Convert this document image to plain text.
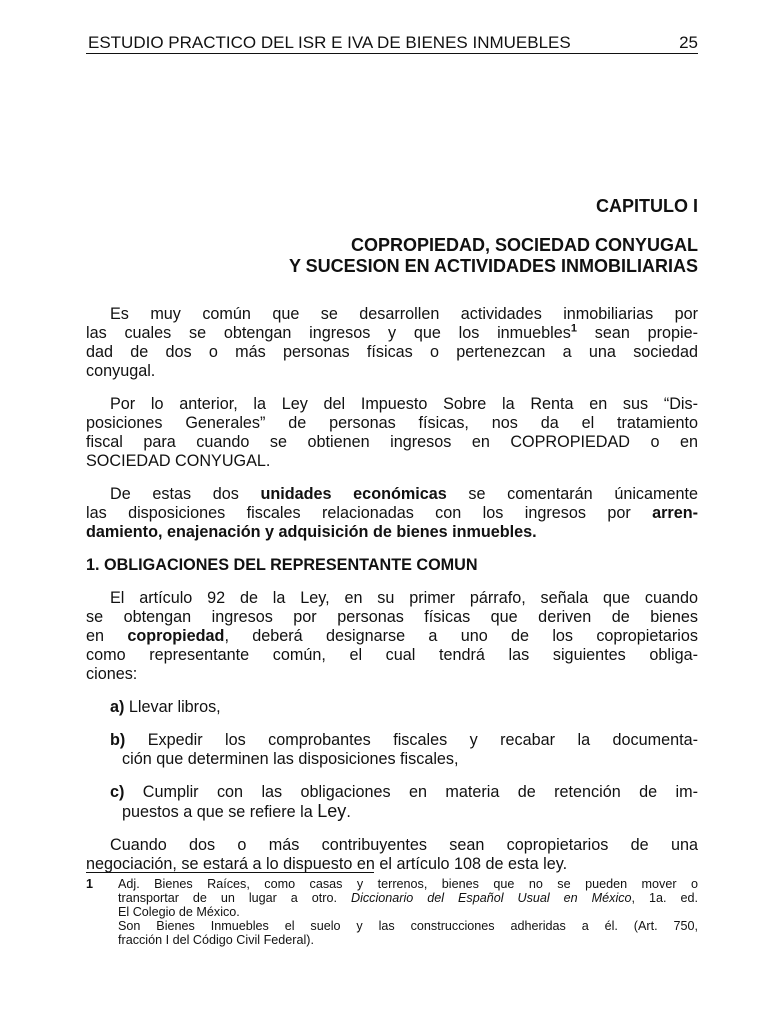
ESTUDIO PRACTICO DEL ISR E IVA DE BIENES INMUEBLES	25
CAPITULO I
COPROPIEDAD, SOCIEDAD CONYUGAL
Y SUCESION EN ACTIVIDADES INMOBILIARIAS
Es muy común que se desarrollen actividades inmobiliarias por
las cuales se obtengan ingresos y que los inmuebles$^1$ sean propie-
dad de dos o más personas físicas o pertenezcan a una sociedad
conyugal.
Por lo anterior, la Ley del Impuesto Sobre la Renta en sus “Dis-
posiciones Generales” de personas físicas, nos da el tratamiento
fiscal para cuando se obtienen ingresos en COPROPIEDAD o en
SOCIEDAD CONYUGAL.
De estas dos unidades económicas se comentarán únicamente
las disposiciones fiscales relacionadas con los ingresos por arren-
damiento, enajenación y adquisición de bienes inmuebles.
1. OBLIGACIONES DEL REPRESENTANTE COMUN
El artículo 92 de la Ley, en su primer párrafo, señala que cuando
se obtengan ingresos por personas físicas que deriven de bienes
en copropiedad, deberá designarse a uno de los copropietarios
como representante común, el cual tendrá las siguientes obliga-
ciones:
a) Llevar libros,
b) Expedir los comprobantes fiscales y recabar la documenta-
ción que determinen las disposiciones fiscales,
c) Cumplir con las obligaciones en materia de retención de im-
puestos a que se refiere la Ley.
Cuando dos o más contribuyentes sean copropietarios de una
negociación, se estará a lo dispuesto en el artículo 108 de esta ley.
1 Adj. Bienes Raíces, como casas y terrenos, bienes que no se pueden mover o
transportar de un lugar a otro. Diccionario del Español Usual en México, 1a. ed.
El Colegio de México.
Son Bienes Inmuebles el suelo y las construcciones adheridas a él. (Art. 750,
fracción I del Código Civil Federal).
